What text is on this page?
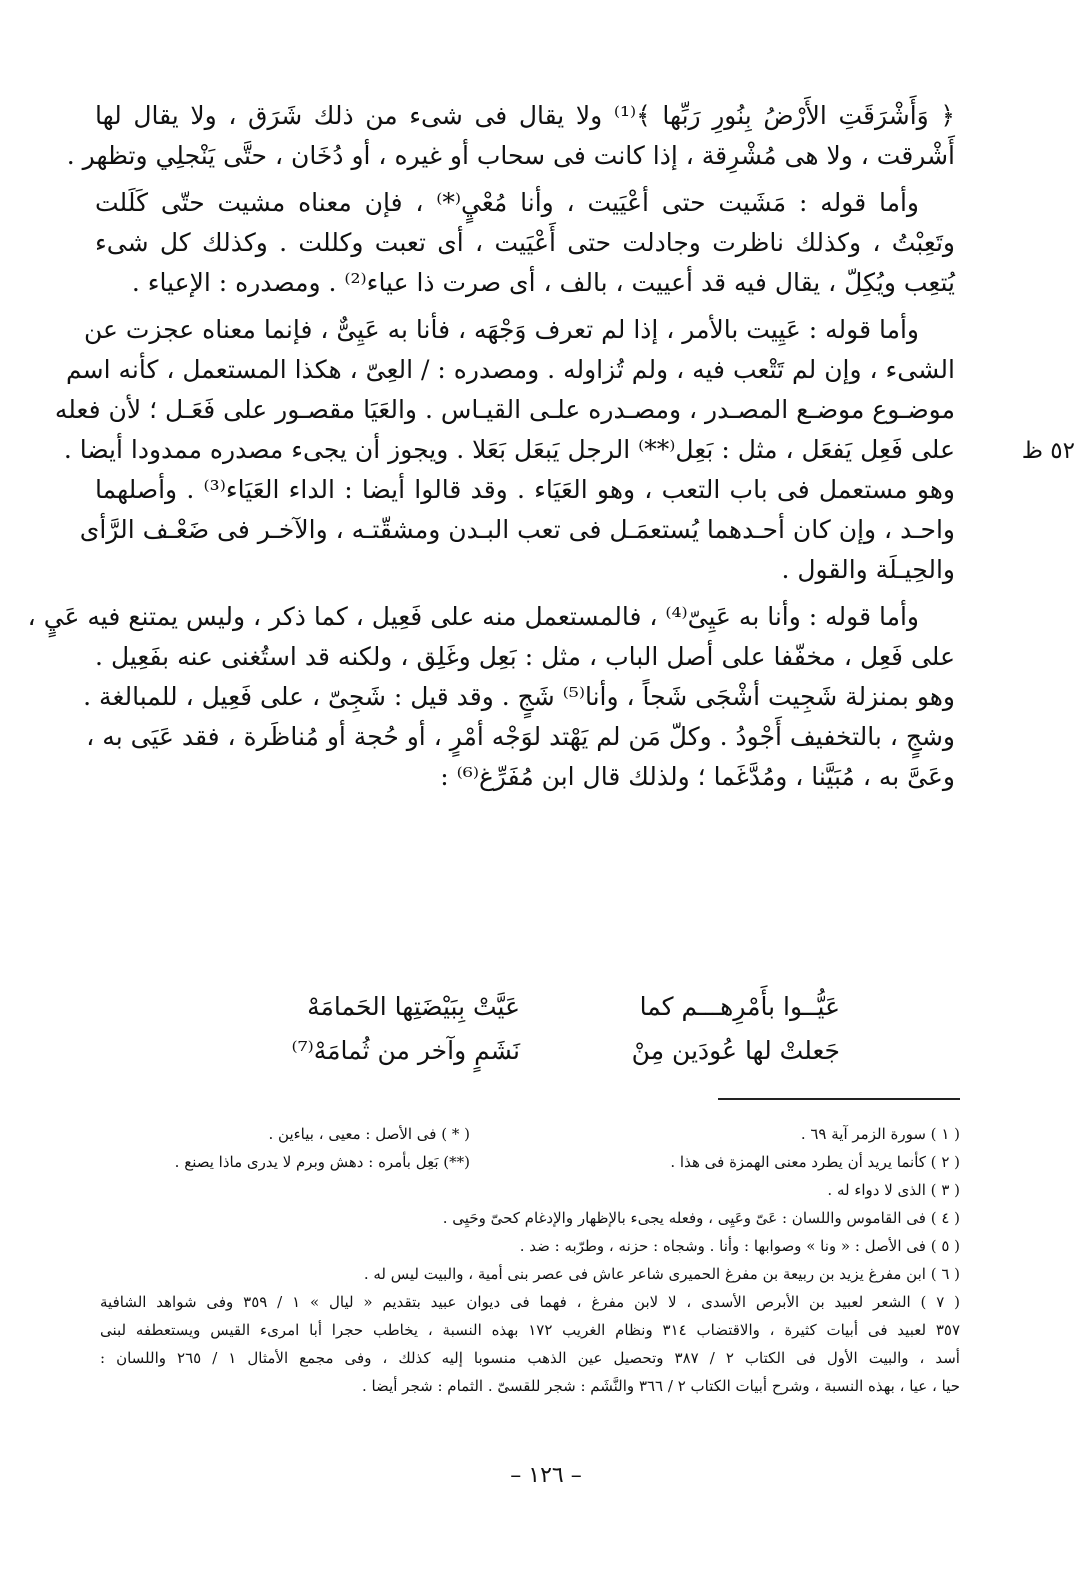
﴿ وَأَشْرَقَتِ الأَرْضُ بِنُورِ رَبِّها ﴾⁽¹⁾ ولا يقال فى شىء من ذلك شَرَق ، ولا يقال لها
أَشْرقت ، ولا هى مُشْرِقة ، إذا كانت فى سحاب أو غيره ، أو دُخَان ، حتَّى يَنْجلِي وتظهر .
وأما قوله : مَشَيت حتى أعْيَيت ، وأنا مُعْيٍ⁽*⁾ ، فإن معناه مشيت حتّى كَلَلت
وتَعِبْتُ ، وكذلك ناظرت وجادلت حتى أَعْيَيت ، أى تعبت وكللت . وكذلك كل شىء
يُتعِب ويُكِلّ ، يقال فيه قد أعييت ، بالف ، أى صرت ذا عياء⁽²⁾ . ومصدره : الإعياء .
وأما قوله : عَيِيت بالأمر ، إذا لم تعرف وَجْهَه ، فأنا به عَيِىٌّ ، فإنما معناه عجزت عن
الشىء ، وإن لم تَتْعب فيه ، ولم تُزاوله . ومصدره : / العِىّ ، هكذا المستعمل ، كأنه اسم
موضـوع موضـع المصـدر ، ومصـدره علـى القيـاس . والعَيَا مقصـور على فَعَـل ؛ لأن فعله
على فَعِل يَفعَل ، مثل : بَعِل⁽**⁾ الرجل يَبعَل بَعَلا . ويجوز أن يجىء مصدره ممدودا أيضا .
وهو مستعمل فى باب التعب ، وهو العَيَاء . وقد قالوا أيضا : الداء العَيَاء⁽³⁾ . وأصلهما
واحـد ، وإن كان أحـدهما يُستعمَـل فى تعب البـدن ومشقّتـه ، والآخـر فى ضَعْـف الرَّأى
والحِيـلَة والقول .
وأما قوله : وأنا به عَيِىّ⁽⁴⁾ ، فالمستعمل منه على فَعِيل ، كما ذكر ، وليس يمتنع فيه عَيٍ ،
على فَعِل ، مخفّفا على أصل الباب ، مثل : بَعِل وغَلِق ، ولكنه قد استُغنى عنه بفَعِيل .
وهو بمنزلة شَجِيت أشْجَى شَجاً ، وأنا⁽⁵⁾ شَجٍ . وقد قيل : شَجِىّ ، على فَعِيل ، للمبالغة .
وشجٍ ، بالتخفيف أَجْودُ . وكلّ مَن لم يَهْتد لوَجْه أمْرٍ ، أو حُجة أو مُناظَرة ، فقد عَيَى به ،
وعَىَّ به ، مُبَيَّنا ، ومُدَّغَما ؛ ولذلك قال ابن مُفَرِّغ⁽⁶⁾ :
٥٢ ظ
عَيُّــوا بأَمْرِهـــم كما
عَيَّتْ بِبَيْضَتِها الحَمامَهْ
جَعلتْ لها عُودَين مِنْ
نَشَمٍ وآخر من ثُمامَهْ⁽⁷⁾
( ١ ) سورة الزمر آية ٦٩ .
( * ) فى الأصل : معيى ، بياءين .
( ٢ ) كأنما يريد أن يطرد معنى الهمزة فى هذا .
(**) بَعِل بأمره : دهش وبرم لا يدرى ماذا يصنع .
( ٣ ) الذى لا دواء له .
( ٤ ) فى القاموس واللسان : عَىّ وعَيِى ، وفعله يجىء بالإظهار والإدغام كحىّ وحَيِى .
( ٥ ) فى الأصل : « ونا » وصوابها : وأنا . وشجاه : حزنه ، وطرّبه : ضد .
( ٦ ) ابن مفرغ يزيد بن ربيعة بن مفرغ الحميرى شاعر عاش فى عصر بنى أمية ، والبيت ليس له .
( ٧ ) الشعر لعبيد بن الأبرص الأسدى ، لا لابن مفرغ ، فهما فى ديوان عبيد بتقديم « ليال » ١ / ٣٥٩ وفى شواهد الشافية
٣٥٧ لعبيد فى أبيات كثيرة ، والاقتضاب ٣١٤ ونظام الغريب ١٧٢ بهذه النسبة ، يخاطب حجرا أبا امرىء القيس ويستعطفه لبنى
أسد ، والبيت الأول فى الكتاب ٢ / ٣٨٧ وتحصيل عين الذهب منسوبا إليه كذلك ، وفى مجمع الأمثال ١ / ٢٦٥ واللسان :
حيا ، عيا ، بهذه النسبة ، وشرح أبيات الكتاب ٢ / ٣٦٦ والنَّشَم : شجر للقسىّ . الثمام : شجر أيضا .
– ١٢٦ –
